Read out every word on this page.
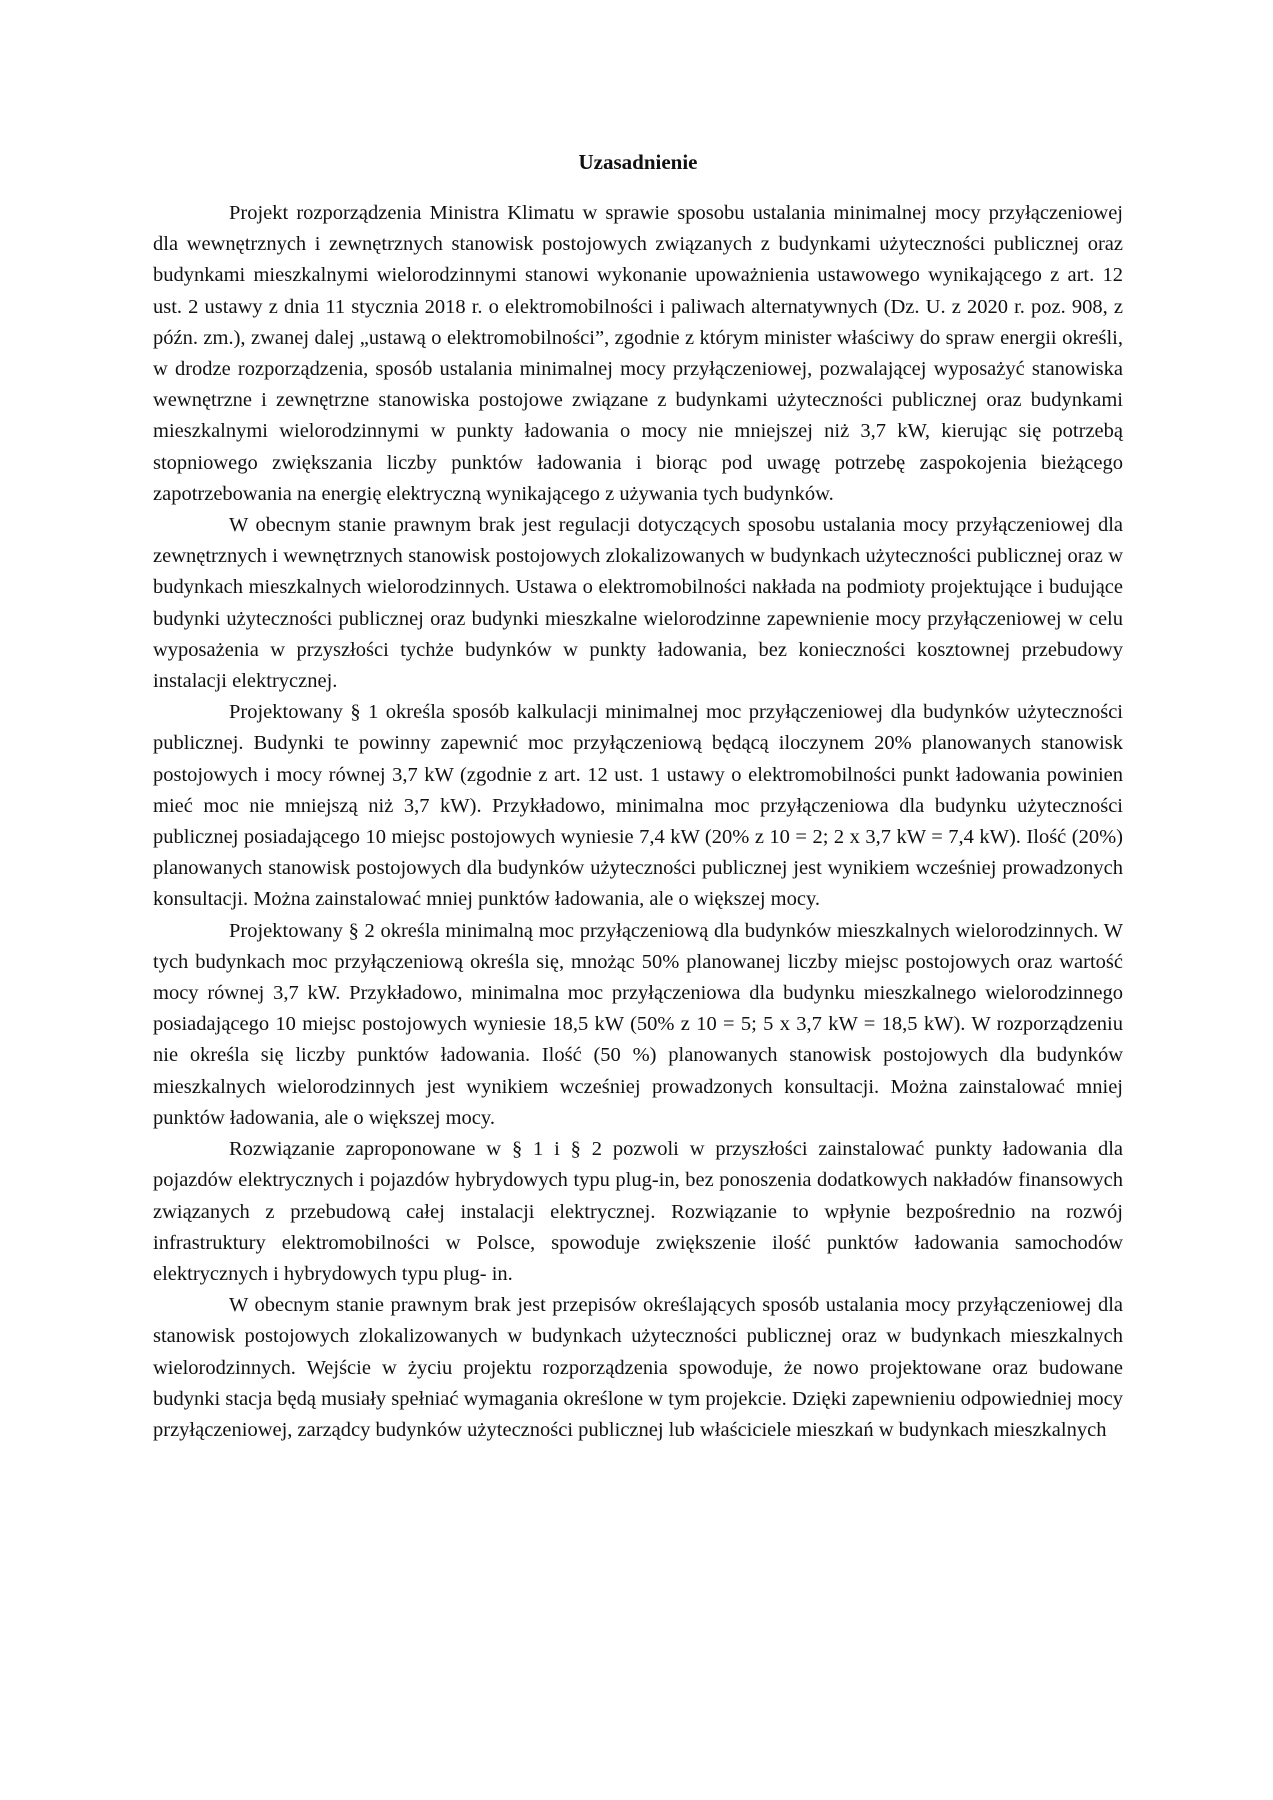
Uzasadnienie

Projekt rozporządzenia Ministra Klimatu w sprawie sposobu ustalania minimalnej mocy przyłączeniowej dla wewnętrznych i zewnętrznych stanowisk postojowych związanych z budynkami użyteczności publicznej oraz budynkami mieszkalnymi wielorodzinnymi stanowi wykonanie upoważnienia ustawowego wynikającego z art. 12 ust. 2 ustawy z dnia 11 stycznia 2018 r. o elektromobilności i paliwach alternatywnych (Dz. U. z 2020 r. poz. 908, z późn. zm.), zwanej dalej „ustawą o elektromobilności”, zgodnie z którym minister właściwy do spraw energii określi, w drodze rozporządzenia, sposób ustalania minimalnej mocy przyłączeniowej, pozwalającej wyposażyć stanowiska wewnętrzne i zewnętrzne stanowiska postojowe związane z budynkami użyteczności publicznej oraz budynkami mieszkalnymi wielorodzinnymi w punkty ładowania o mocy nie mniejszej niż 3,7 kW, kierując się potrzebą stopniowego zwiększania liczby punktów ładowania i biorąc pod uwagę potrzebę zaspokojenia bieżącego zapotrzebowania na energię elektryczną wynikającego z używania tych budynków.

W obecnym stanie prawnym brak jest regulacji dotyczących sposobu ustalania mocy przyłączeniowej dla zewnętrznych i wewnętrznych stanowisk postojowych zlokalizowanych w budynkach użyteczności publicznej oraz w budynkach mieszkalnych wielorodzinnych. Ustawa o elektromobilności nakłada na podmioty projektujące i budujące budynki użyteczności publicznej oraz budynki mieszkalne wielorodzinne zapewnienie mocy przyłączeniowej w celu wyposażenia w przyszłości tychże budynków w punkty ładowania, bez konieczności kosztownej przebudowy instalacji elektrycznej.

Projektowany § 1 określa sposób kalkulacji minimalnej moc przyłączeniowej dla budynków użyteczności publicznej. Budynki te powinny zapewnić moc przyłączeniową będącą iloczynem 20% planowanych stanowisk postojowych i mocy równej 3,7 kW (zgodnie z art. 12 ust. 1 ustawy o elektromobilności punkt ładowania powinien mieć moc nie mniejszą niż 3,7 kW). Przykładowo, minimalna moc przyłączeniowa dla budynku użyteczności publicznej posiadającego 10 miejsc postojowych wyniesie 7,4 kW (20% z 10 = 2; 2 x 3,7 kW = 7,4 kW). Ilość (20%) planowanych stanowisk postojowych dla budynków użyteczności publicznej jest wynikiem wcześniej prowadzonych konsultacji. Można zainstalować mniej punktów ładowania, ale o większej mocy.

Projektowany § 2 określa minimalną moc przyłączeniową dla budynków mieszkalnych wielorodzinnych. W tych budynkach moc przyłączeniową określa się, mnożąc 50% planowanej liczby miejsc postojowych oraz wartość mocy równej 3,7 kW. Przykładowo, minimalna moc przyłączeniowa dla budynku mieszkalnego wielorodzinnego posiadającego 10 miejsc postojowych wyniesie 18,5 kW (50% z 10 = 5; 5 x 3,7 kW = 18,5 kW). W rozporządzeniu nie określa się liczby punktów ładowania. Ilość (50 %) planowanych stanowisk postojowych dla budynków mieszkalnych wielorodzinnych jest wynikiem wcześniej prowadzonych konsultacji. Można zainstalować mniej punktów ładowania, ale o większej mocy.

Rozwiązanie zaproponowane w § 1 i § 2 pozwoli w przyszłości zainstalować punkty ładowania dla pojazdów elektrycznych i pojazdów hybrydowych typu plug-in, bez ponoszenia dodatkowych nakładów finansowych związanych z przebudową całej instalacji elektrycznej. Rozwiązanie to wpłynie bezpośrednio na rozwój infrastruktury elektromobilności w Polsce, spowoduje zwiększenie ilość punktów ładowania samochodów elektrycznych i hybrydowych typu plug- in.

W obecnym stanie prawnym brak jest przepisów określających sposób ustalania mocy przyłączeniowej dla stanowisk postojowych zlokalizowanych w budynkach użyteczności publicznej oraz w budynkach mieszkalnych wielorodzinnych. Wejście w życiu projektu rozporządzenia spowoduje, że nowo projektowane oraz budowane budynki stacja będą musiały spełniać wymagania określone w tym projekcie. Dzięki zapewnieniu odpowiedniej mocy przyłączeniowej, zarządcy budynków użyteczności publicznej lub właściciele mieszkań w budynkach mieszkalnych
